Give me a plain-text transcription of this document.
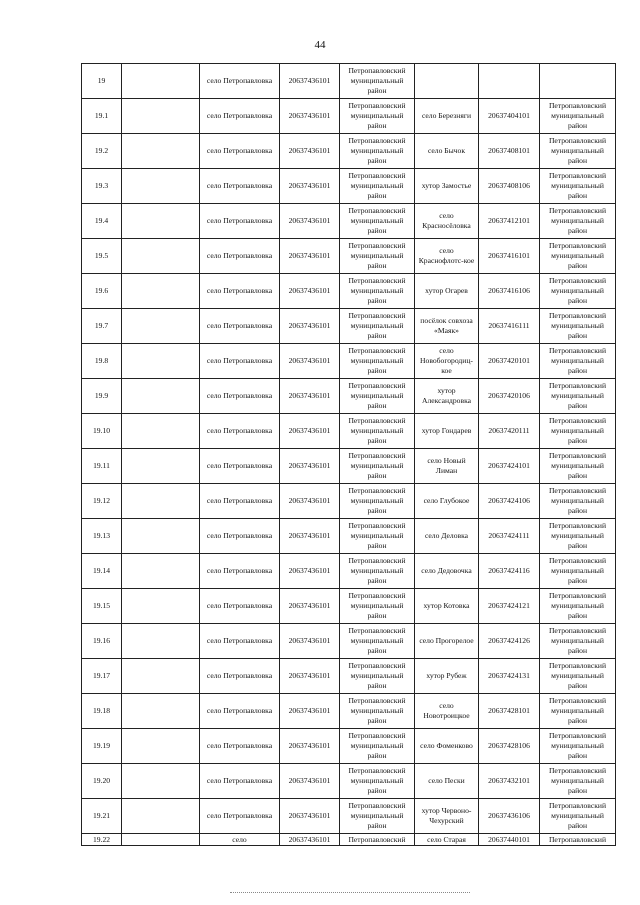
44
19		село Петропавловка	20637436101	Петропавловский муниципальный район			
19.1		село Петропавловка	20637436101	Петропавловский муниципальный район	село Березняги	20637404101	Петропавловский муниципальный район
19.2		село Петропавловка	20637436101	Петропавловский муниципальный район	село Бычок	20637408101	Петропавловский муниципальный район
19.3		село Петропавловка	20637436101	Петропавловский муниципальный район	хутор Замостье	20637408106	Петропавловский муниципальный район
19.4		село Петропавловка	20637436101	Петропавловский муниципальный район	село Красносёловка	20637412101	Петропавловский муниципальный район
19.5		село Петропавловка	20637436101	Петропавловский муниципальный район	село Краснофлотс-кое	20637416101	Петропавловский муниципальный район
19.6		село Петропавловка	20637436101	Петропавловский муниципальный район	хутор Огарев	20637416106	Петропавловский муниципальный район
19.7		село Петропавловка	20637436101	Петропавловский муниципальный район	посёлок совхоза «Маяк»	20637416111	Петропавловский муниципальный район
19.8		село Петропавловка	20637436101	Петропавловский муниципальный район	село Новобогородиц-кое	20637420101	Петропавловский муниципальный район
19.9		село Петропавловка	20637436101	Петропавловский муниципальный район	хутор Александровка	20637420106	Петропавловский муниципальный район
19.10		село Петропавловка	20637436101	Петропавловский муниципальный район	хутор Гондарев	20637420111	Петропавловский муниципальный район
19.11		село Петропавловка	20637436101	Петропавловский муниципальный район	село Новый Лиман	20637424101	Петропавловский муниципальный район
19.12		село Петропавловка	20637436101	Петропавловский муниципальный район	село Глубокое	20637424106	Петропавловский муниципальный район
19.13		село Петропавловка	20637436101	Петропавловский муниципальный район	село Деловка	20637424111	Петропавловский муниципальный район
19.14		село Петропавловка	20637436101	Петропавловский муниципальный район	село Дедовочка	20637424116	Петропавловский муниципальный район
19.15		село Петропавловка	20637436101	Петропавловский муниципальный район	хутор Котовка	20637424121	Петропавловский муниципальный район
19.16		село Петропавловка	20637436101	Петропавловский муниципальный район	село Прогорелое	20637424126	Петропавловский муниципальный район
19.17		село Петропавловка	20637436101	Петропавловский муниципальный район	хутор Рубеж	20637424131	Петропавловский муниципальный район
19.18		село Петропавловка	20637436101	Петропавловский муниципальный район	село Новотроицкое	20637428101	Петропавловский муниципальный район
19.19		село Петропавловка	20637436101	Петропавловский муниципальный район	село Фоменково	20637428106	Петропавловский муниципальный район
19.20		село Петропавловка	20637436101	Петропавловский муниципальный район	село Пески	20637432101	Петропавловский муниципальный район
19.21		село Петропавловка	20637436101	Петропавловский муниципальный район	хутор Червоно-Чехурский	20637436106	Петропавловский муниципальный район
19.22		село	20637436101	Петропавловский	село Старая	20637440101	Петропавловский
